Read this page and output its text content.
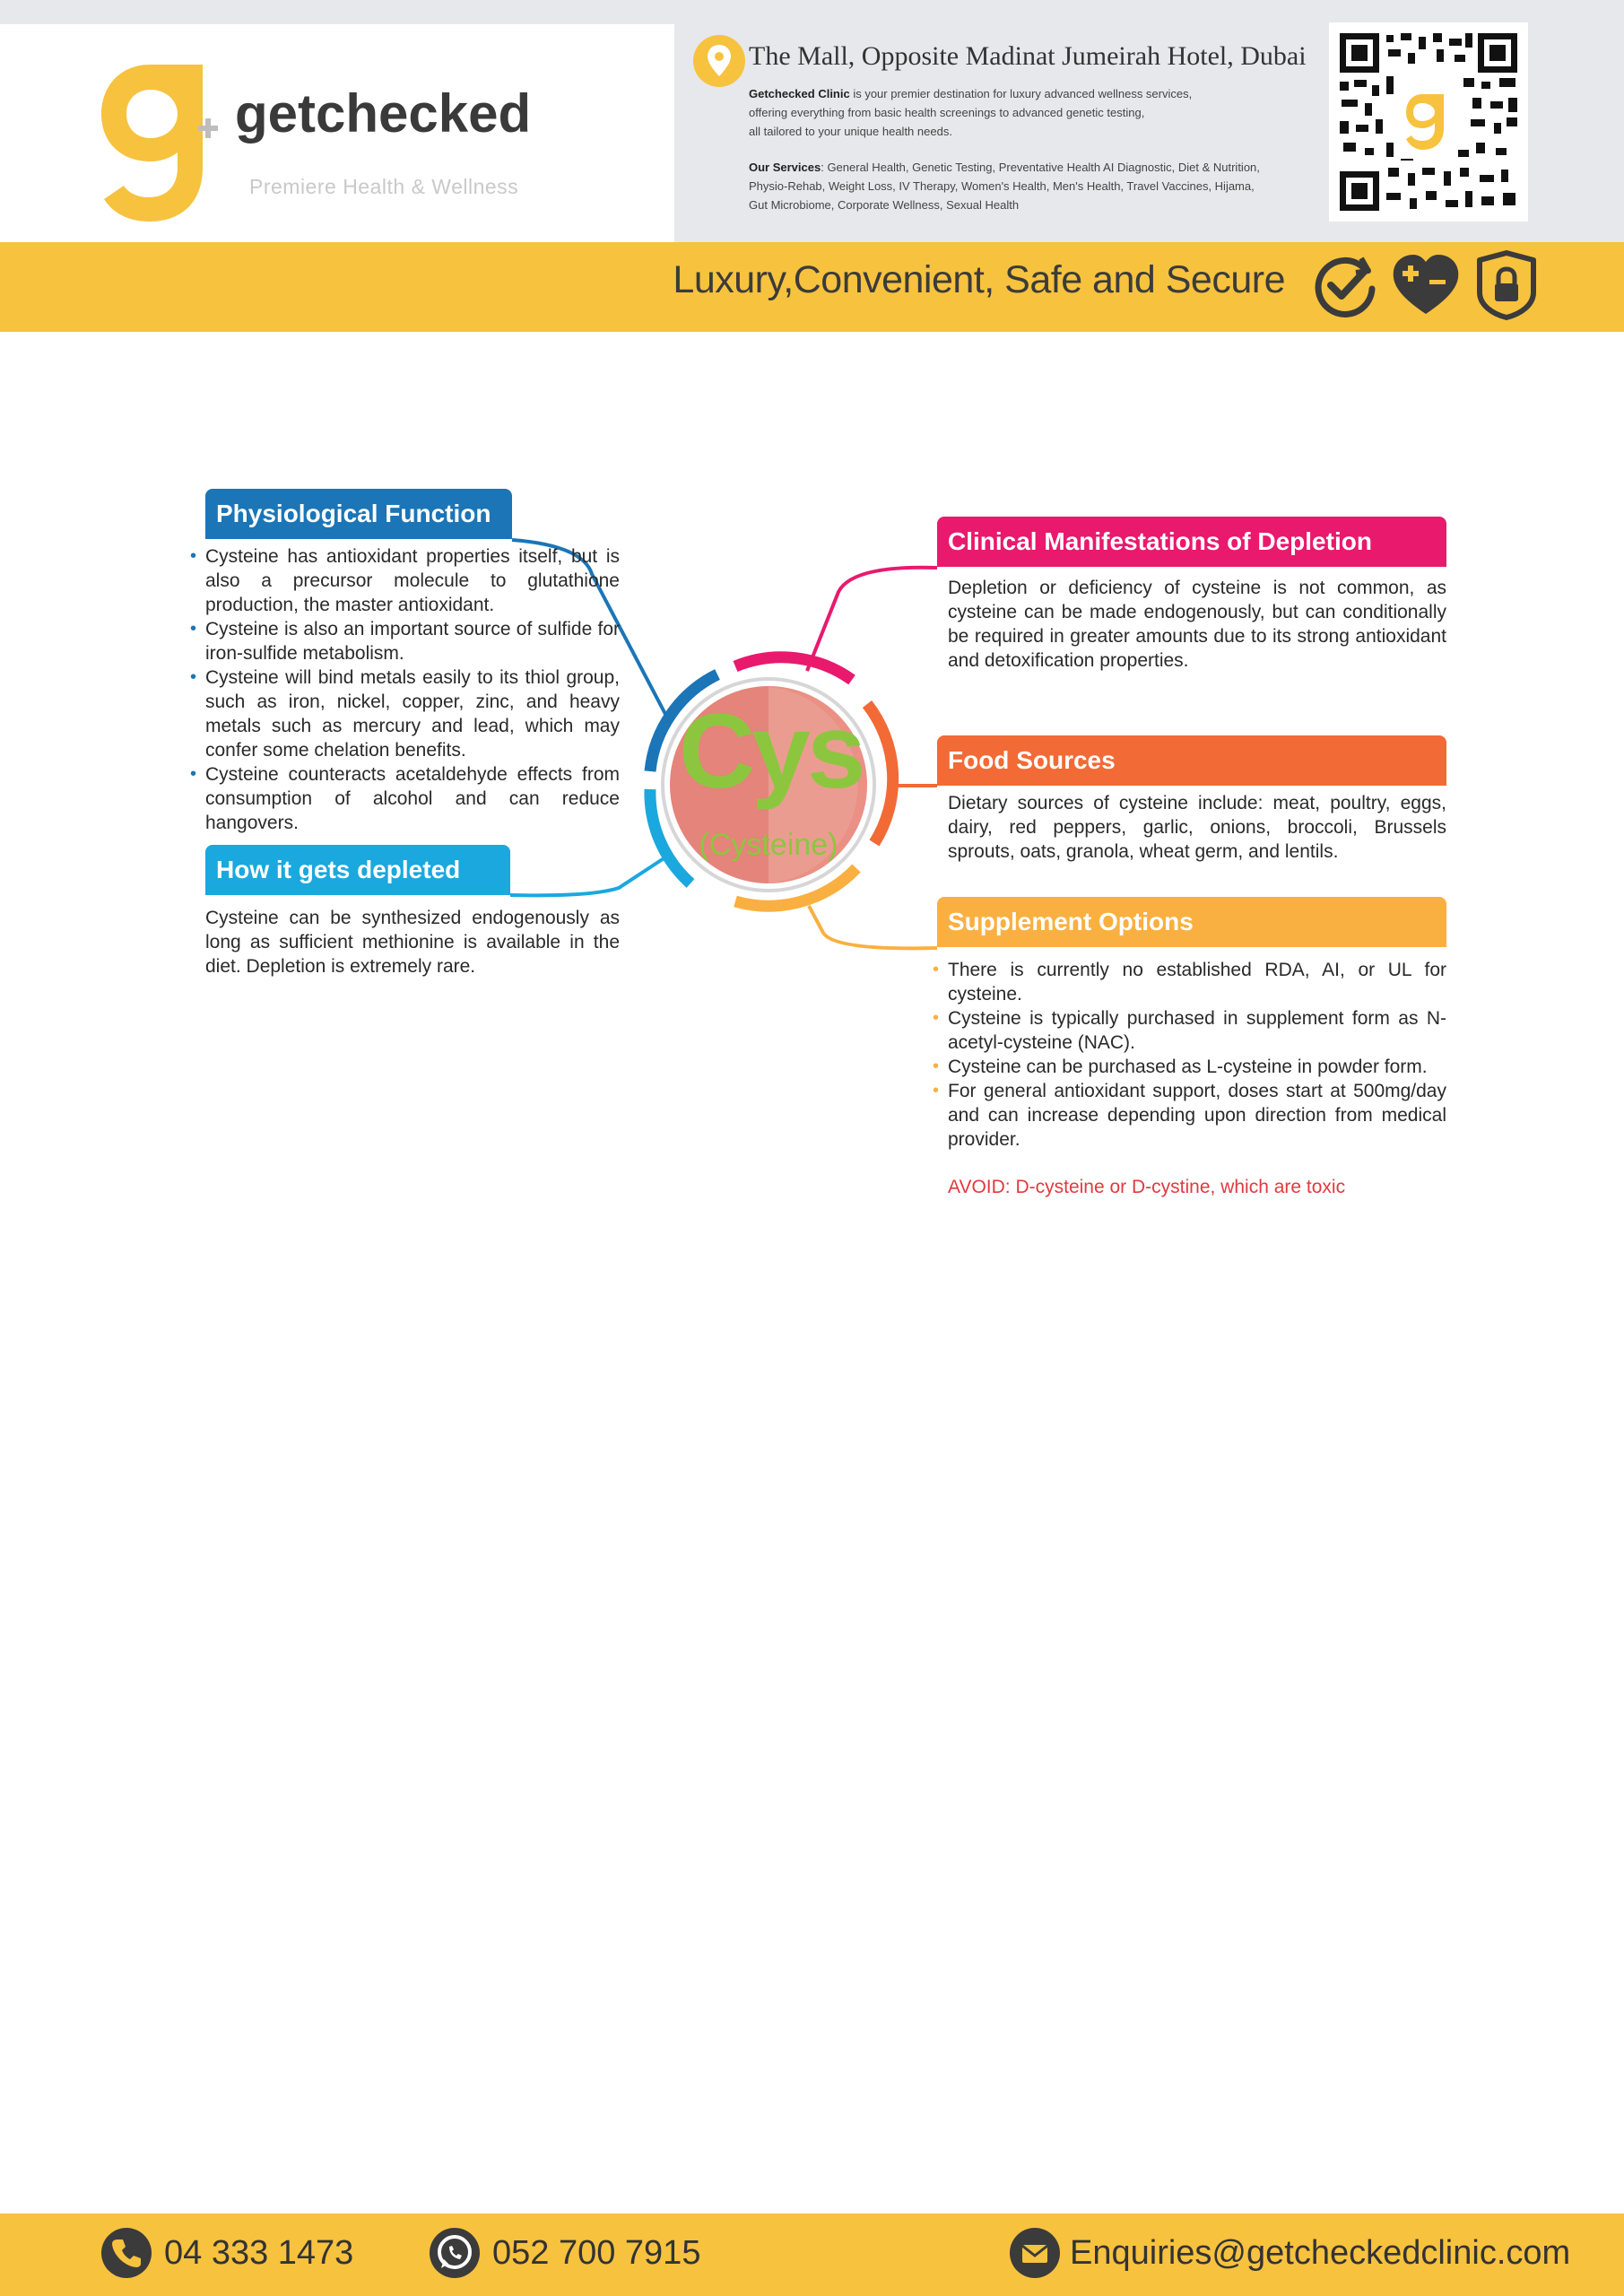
getchecked
Premiere Health & Wellness
The Mall, Opposite Madinat Jumeirah Hotel, Dubai
Getchecked Clinic is your premier destination for luxury advanced wellness services,
offering everything from basic health screenings to advanced genetic testing,
all tailored to your unique health needs.
Our Services: General Health, Genetic Testing, Preventative Health AI Diagnostic, Diet & Nutrition,
Physio-Rehab, Weight Loss, IV Therapy, Women's Health, Men's Health, Travel Vaccines, Hijama,
Gut Microbiome, Corporate Wellness, Sexual Health
Luxury,Convenient, Safe and Secure
Cys
(Cysteine)
Physiological Function
• Cysteine has antioxidant properties itself, but is also a precursor molecule to glutathione production, the master antioxidant.
• Cysteine is also an important source of sulfide for iron-sulfide metabolism.
• Cysteine will bind metals easily to its thiol group, such as iron, nickel, copper, zinc, and heavy metals such as mercury and lead, which may confer some chelation benefits.
• Cysteine counteracts acetaldehyde effects from consumption of alcohol and can reduce hangovers.
How it gets depleted
Cysteine can be synthesized endogenously as long as sufficient methionine is available in the diet. Depletion is extremely rare.
Clinical Manifestations of Depletion
Depletion or deficiency of cysteine is not common, as cysteine can be made endogenously, but can conditionally be required in greater amounts due to its strong antioxidant and detoxification properties.
Food Sources
Dietary sources of cysteine include: meat, poultry, eggs, dairy, red peppers, garlic, onions, broccoli, Brussels sprouts, oats, granola, wheat germ, and lentils.
Supplement Options
• There is currently no established RDA, AI, or UL for cysteine.
• Cysteine is typically purchased in supplement form as N-acetyl-cysteine (NAC).
• Cysteine can be purchased as L-cysteine in powder form.
• For general antioxidant support, doses start at 500mg/day and can increase depending upon direction from medical provider.
AVOID: D-cysteine or D-cystine, which are toxic
04 333 1473	052 700 7915	Enquiries@getcheckedclinic.com
